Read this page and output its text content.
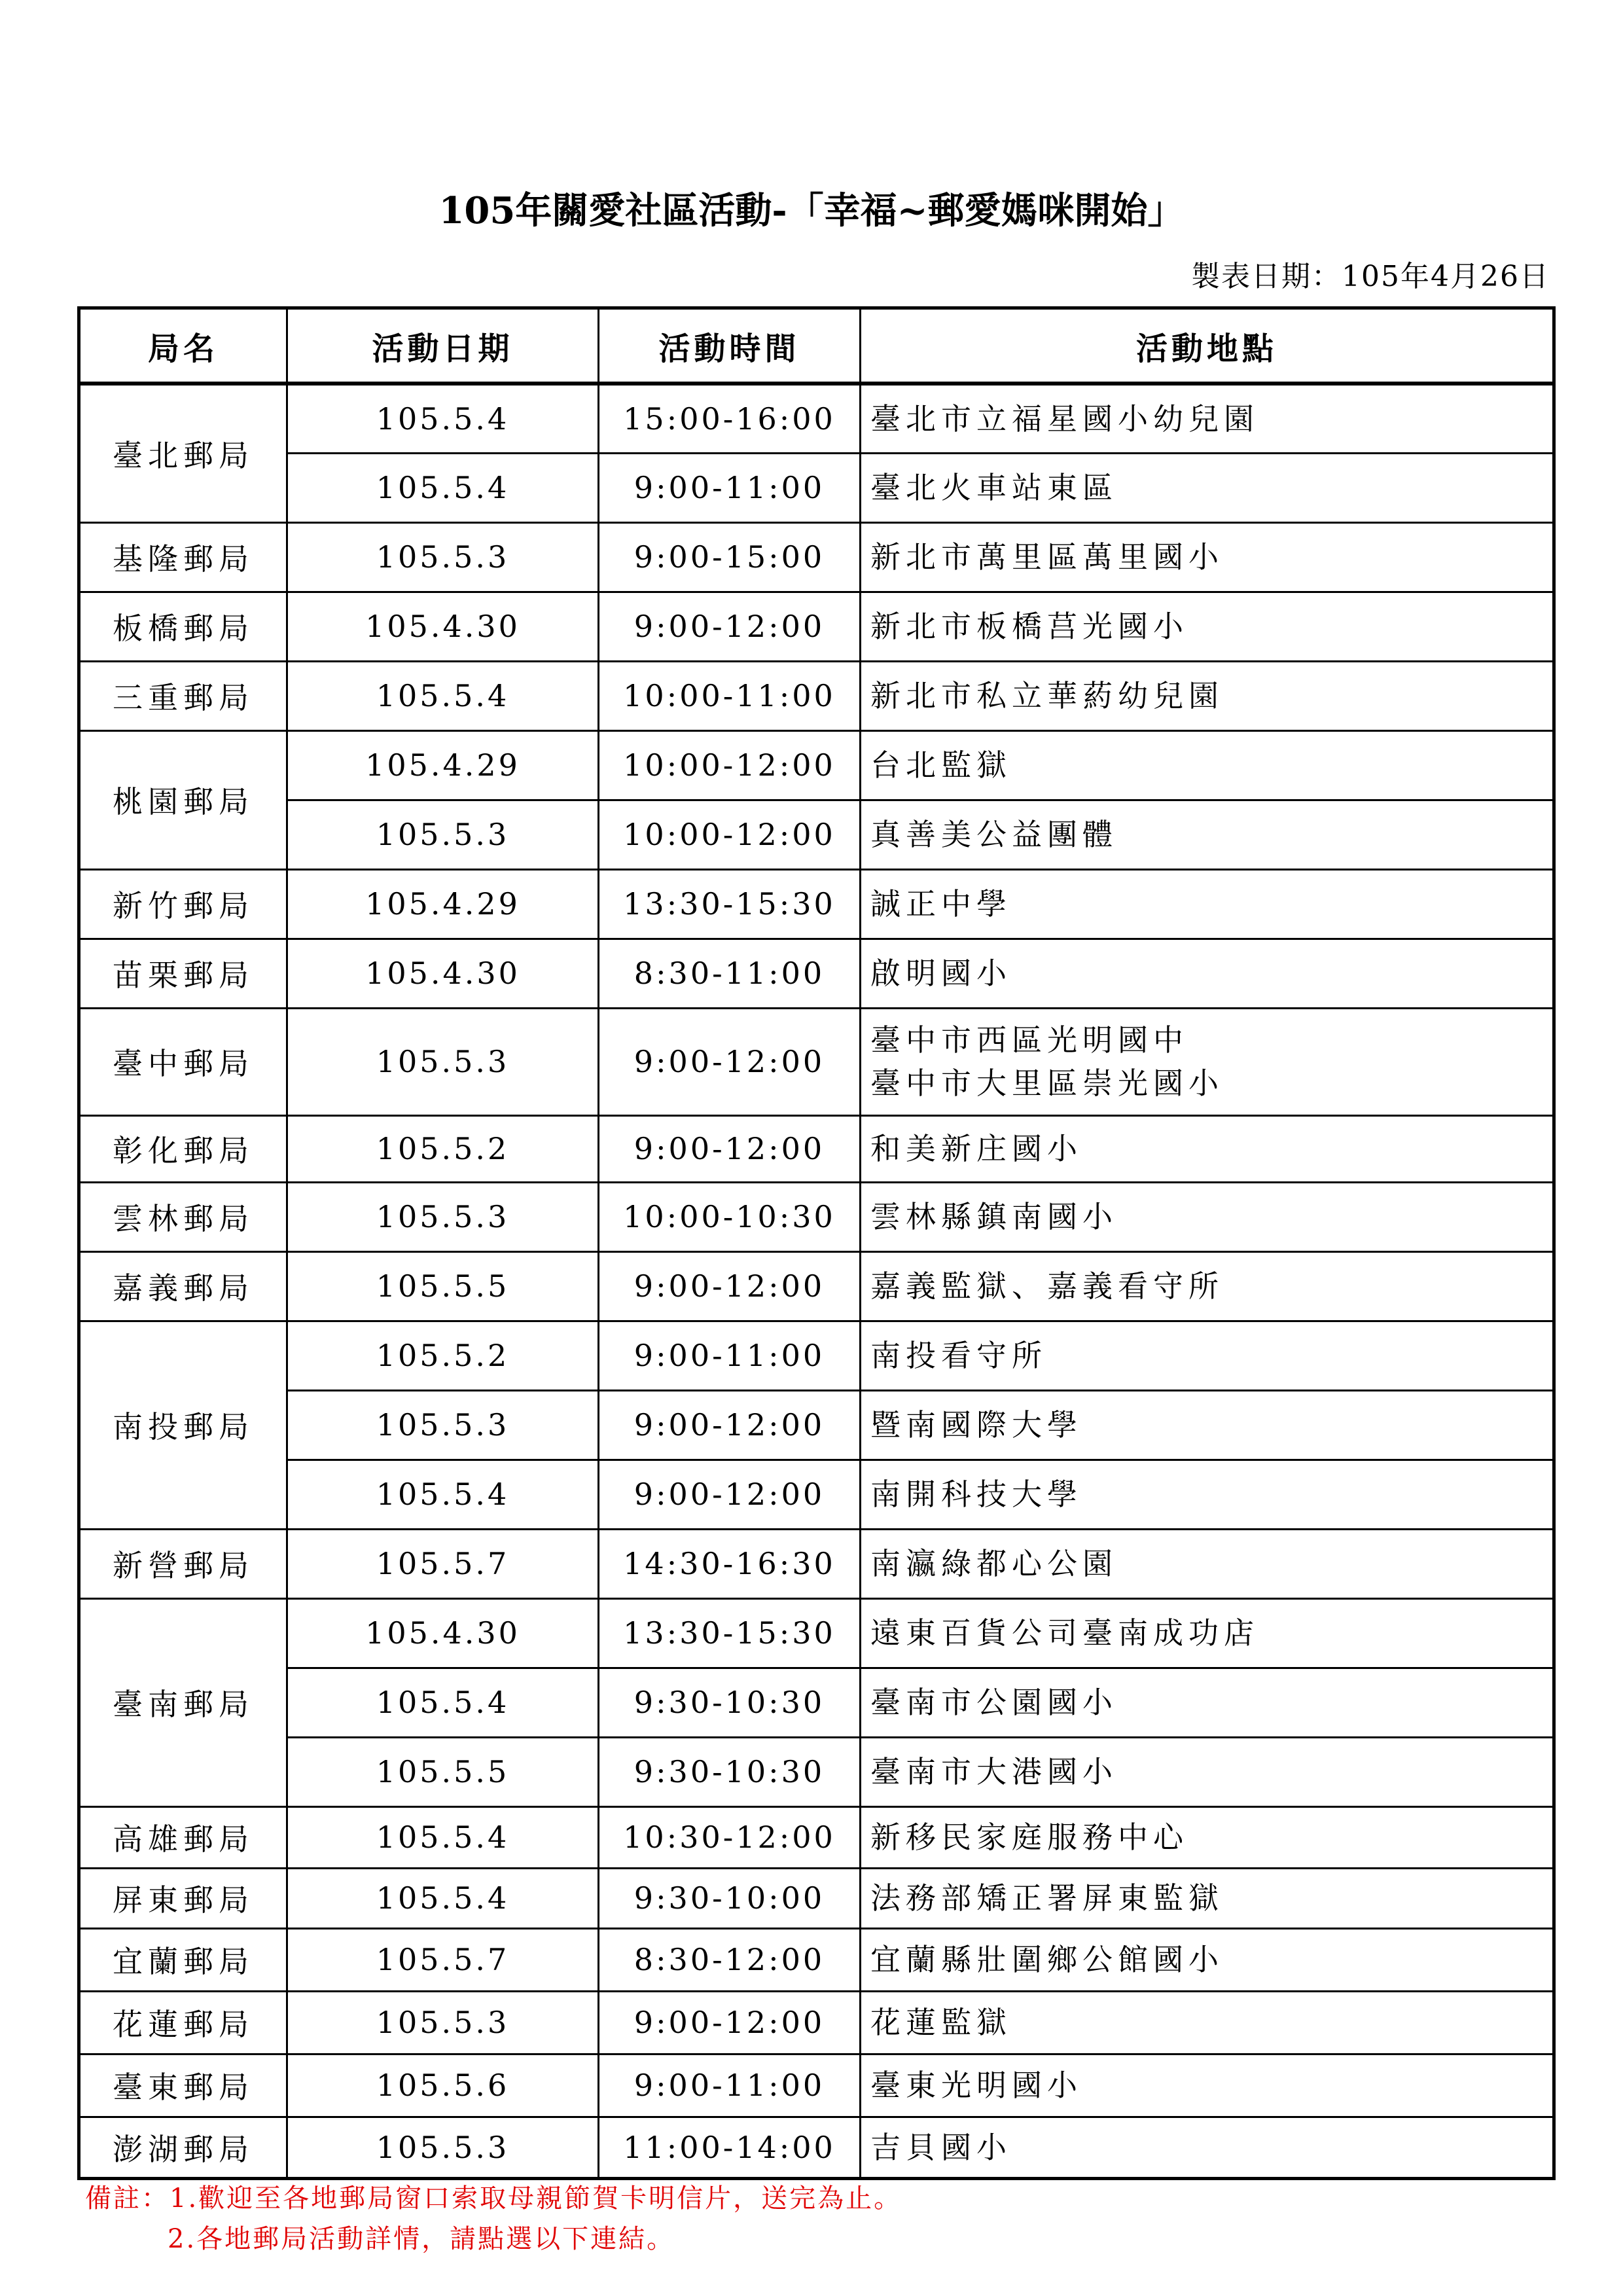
105年關愛社區活動-「幸福~郵愛媽咪開始」
製表日期：105年4月26日
局名	活動日期	活動時間	活動地點
臺北郵局	105.5.4	15:00-16:00	臺北市立福星國小幼兒園
	105.5.4	9:00-11:00	臺北火車站東區
基隆郵局	105.5.3	9:00-15:00	新北市萬里區萬里國小
板橋郵局	105.4.30	9:00-12:00	新北市板橋莒光國小
三重郵局	105.5.4	10:00-11:00	新北市私立華葯幼兒園
桃園郵局	105.4.29	10:00-12:00	台北監獄
	105.5.3	10:00-12:00	真善美公益團體
新竹郵局	105.4.29	13:30-15:30	誠正中學
苗栗郵局	105.4.30	8:30-11:00	啟明國小
臺中郵局	105.5.3	9:00-12:00	臺中市西區光明國中
臺中市大里區崇光國小

彰化郵局	105.5.2	9:00-12:00	和美新庄國小
雲林郵局	105.5.3	10:00-10:30	雲林縣鎮南國小
嘉義郵局	105.5.5	9:00-12:00	嘉義監獄、嘉義看守所
南投郵局	105.5.2	9:00-11:00	南投看守所
	105.5.3	9:00-12:00	暨南國際大學
	105.5.4	9:00-12:00	南開科技大學
新營郵局	105.5.7	14:30-16:30	南瀛綠都心公園
臺南郵局	105.4.30	13:30-15:30	遠東百貨公司臺南成功店
	105.5.4	9:30-10:30	臺南市公園國小
	105.5.5	9:30-10:30	臺南市大港國小
高雄郵局	105.5.4	10:30-12:00	新移民家庭服務中心
屏東郵局	105.5.4	9:30-10:00	法務部矯正署屏東監獄
宜蘭郵局	105.5.7	8:30-12:00	宜蘭縣壯圍鄉公館國小
花蓮郵局	105.5.3	9:00-12:00	花蓮監獄
臺東郵局	105.5.6	9:00-11:00	臺東光明國小
澎湖郵局	105.5.3	11:00-14:00	吉貝國小
備註：1.歡迎至各地郵局窗口索取母親節賀卡明信片，送完為止。
2.各地郵局活動詳情，請點選以下連結。
